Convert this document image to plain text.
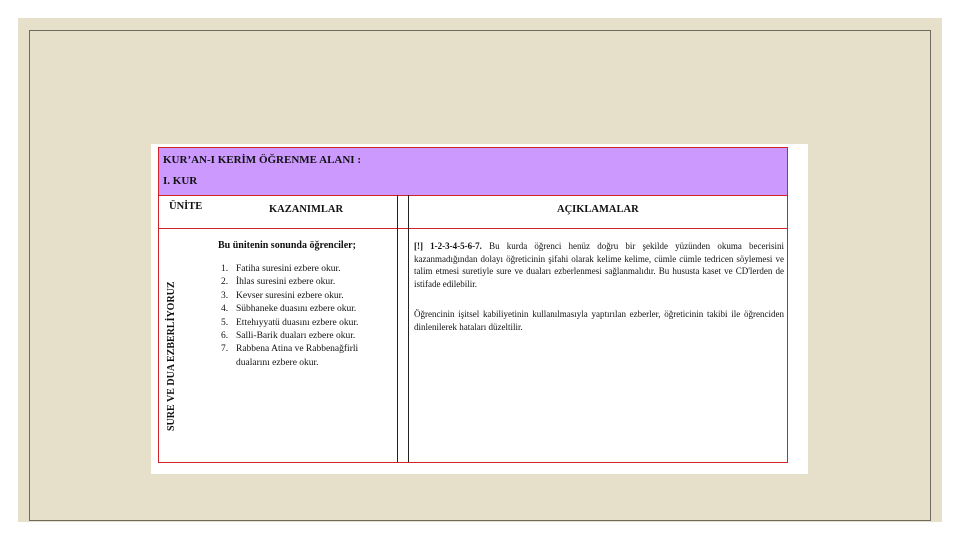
KUR’AN-I KERİM ÖĞRENME ALANI :
I. KUR
ÜNİTE	KAZANIMLAR	AÇIKLAMALAR
SURE VE DUA EZBERLİYORUZ
Bu ünitenin sonunda öğrenciler;
1. Fatiha suresini ezbere okur.
2. İhlas suresini ezbere okur.
3. Kevser suresini ezbere okur.
4. Sübhaneke duasını ezbere okur.
5. Ettehıyyatü duasını ezbere okur.
6. Salli-Barik duaları ezbere okur.
7. Rabbena Atina ve Rabbenağfirli dualarını ezbere okur.
[!] 1-2-3-4-5-6-7. Bu kurda öğrenci henüz doğru bir şekilde yüzünden okuma becerisini kazanmadığından dolayı öğreticinin şifahi olarak kelime kelime, cümle cümle tedricen söylemesi ve talim etmesi suretiyle sure ve duaları ezberlenmesi sağlanmalıdır. Bu hususta kaset ve CD'lerden de istifade edilebilir.
Öğrencinin işitsel kabiliyetinin kullanılmasıyla yaptırılan ezberler, öğreticinin takibi ile öğrenciden dinlenilerek hataları düzeltilir.
